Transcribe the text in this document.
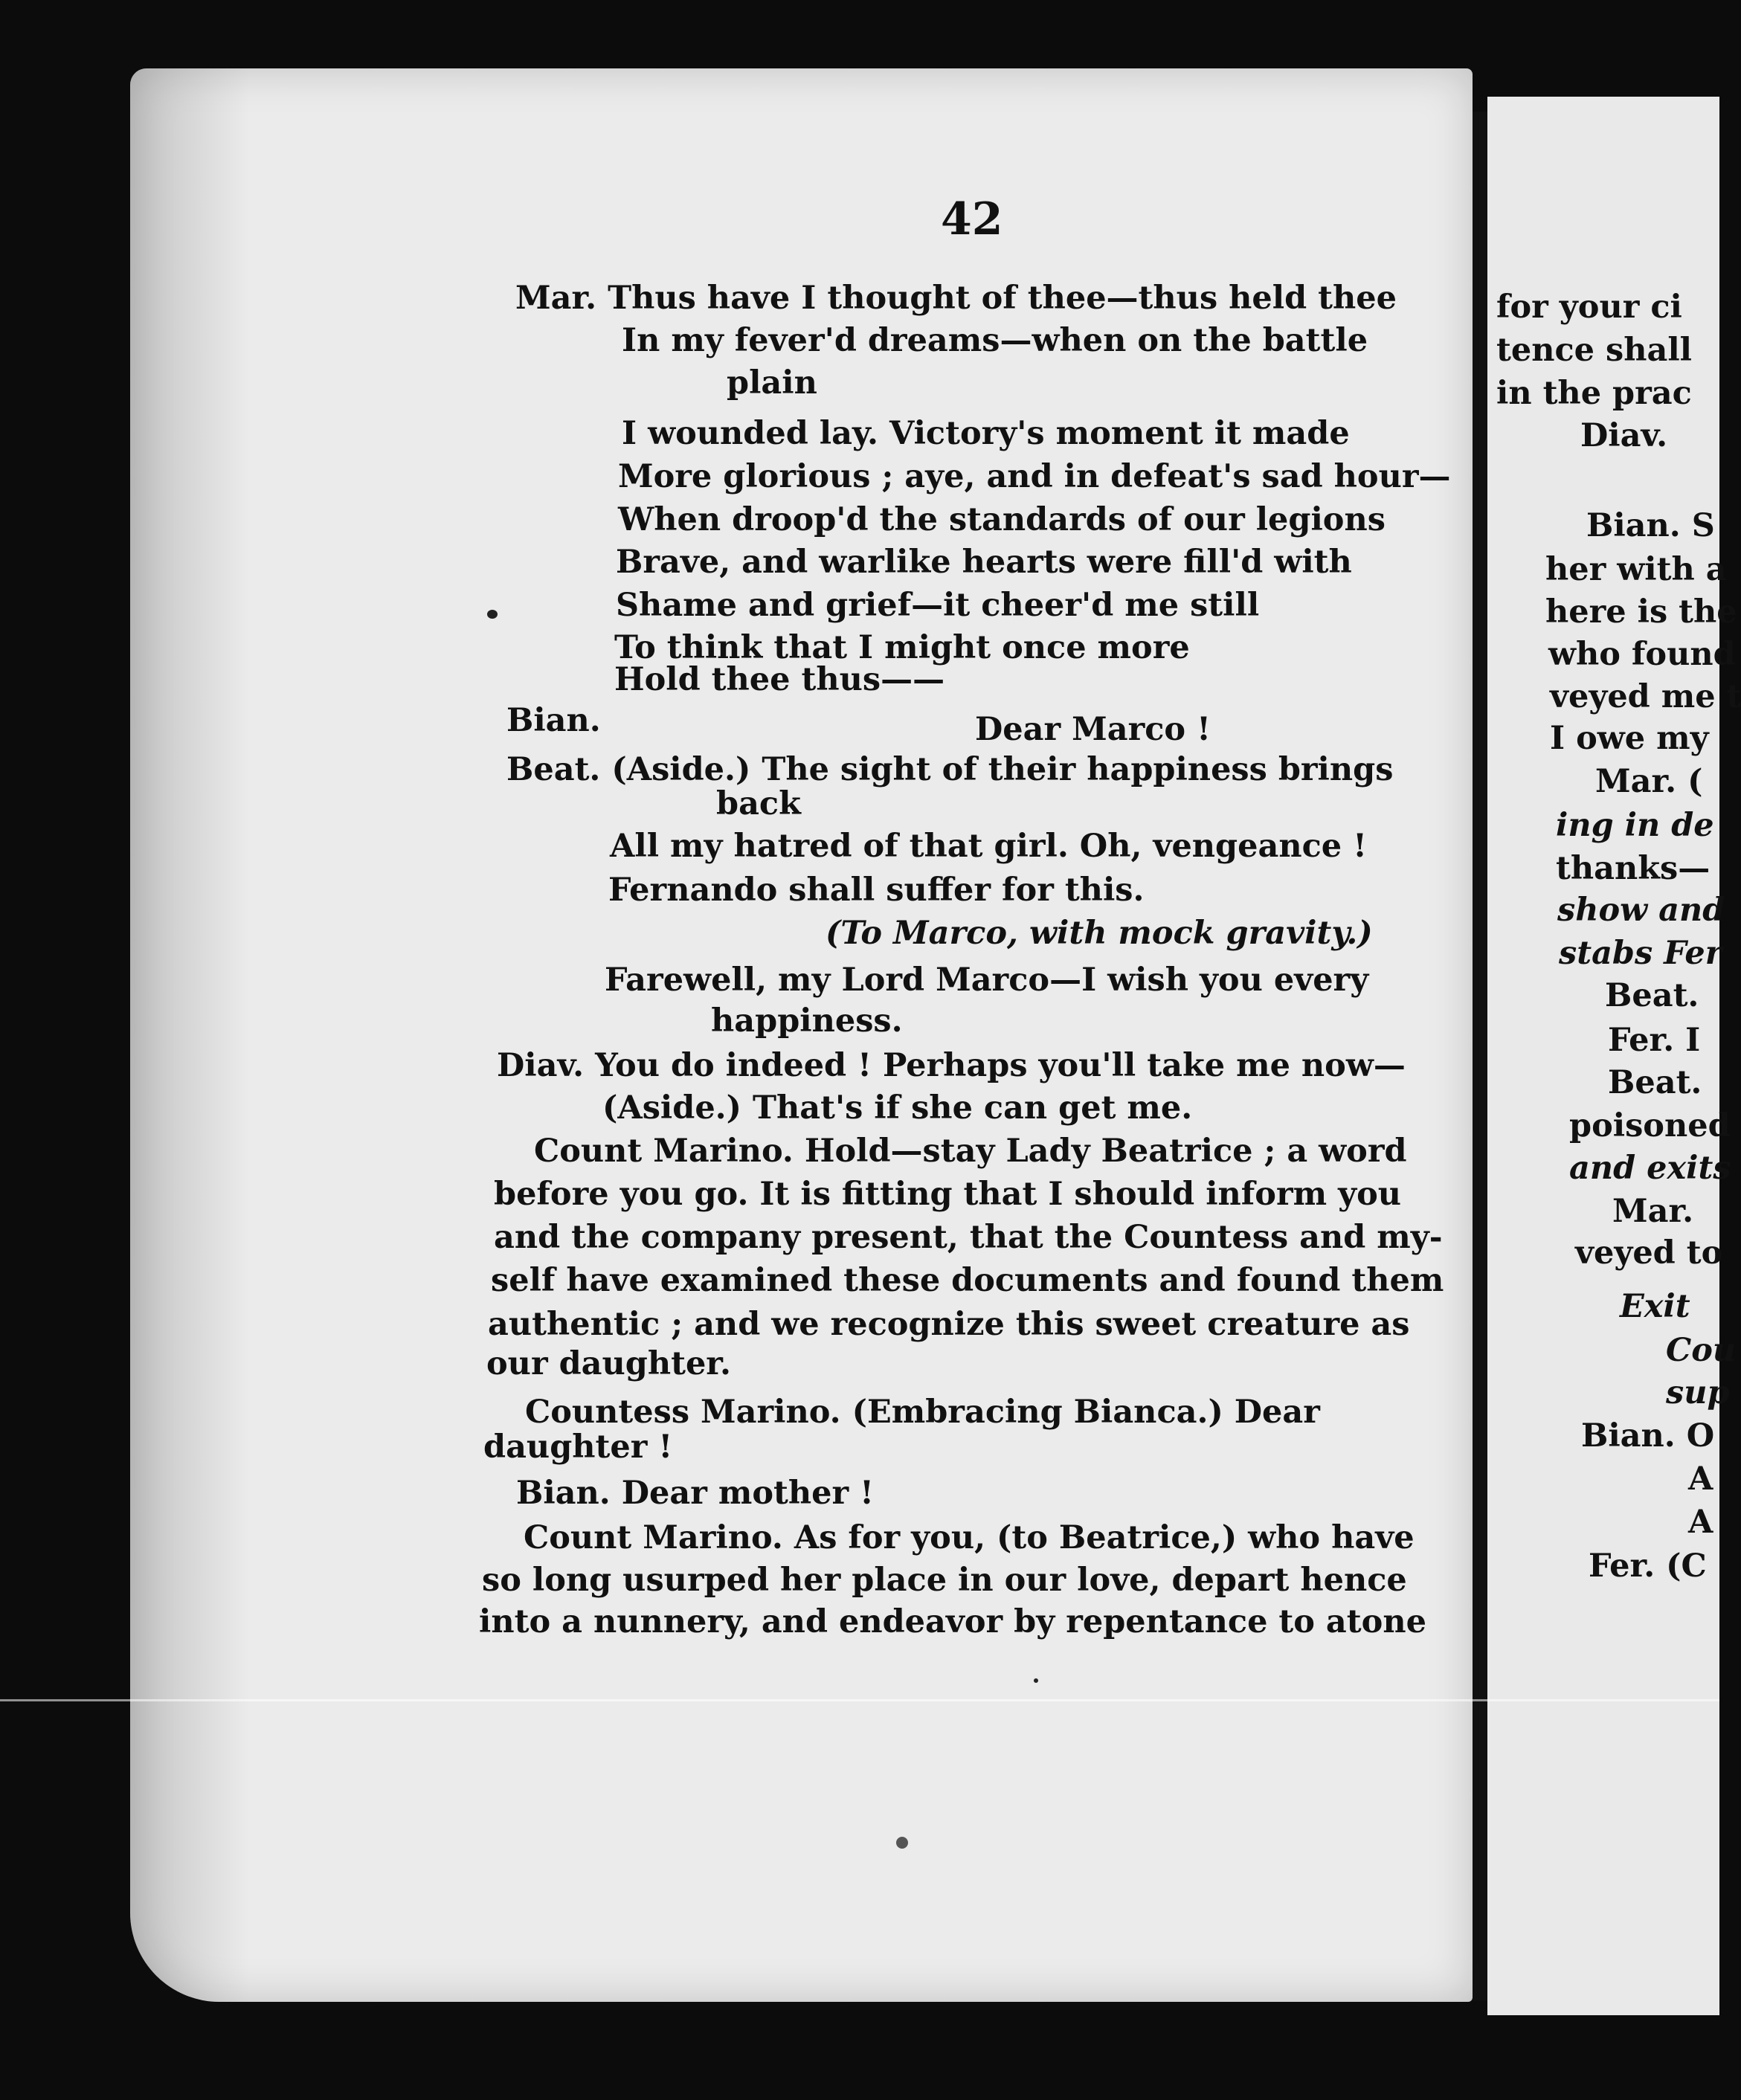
42
Mar. Thus have I thought of thee—thus held thee
In my fever'd dreams—when on the battle
plain
I wounded lay. Victory's moment it made
More glorious ; aye, and in defeat's sad hour—
When droop'd the standards of our legions
Brave, and warlike hearts were fill'd with
Shame and grief—it cheer'd me still
To think that I might once more
Hold thee thus——
Bian.	Dear Marco !
Beat. (Aside.) The sight of their happiness brings
back
All my hatred of that girl. Oh, vengeance !
Fernando shall suffer for this.
(To Marco, with mock gravity.)
Farewell, my Lord Marco—I wish you every
happiness.
Diav. You do indeed ! Perhaps you'll take me now—
(Aside.) That's if she can get me.
Count Marino. Hold—stay Lady Beatrice ; a word
before you go. It is fitting that I should inform you
and the company present, that the Countess and my-
self have examined these documents and found them
authentic ; and we recognize this sweet creature as
our daughter.
Countess Marino. (Embracing Bianca.) Dear
daughter !
Bian. Dear mother !
Count Marino. As for you, (to Beatrice,) who have
so long usurped her place in our love, depart hence
into a nunnery, and endeavor by repentance to atone
for your ci
tence shall
in the prac
Diav.
Bian. S
her with a
here is the
who found
veyed me t
I owe my
Mar. (
ing in de
thanks—
show and
stabs Fer
Beat.
Fer. I
Beat.
poisoned
and exits
Mar.
veyed to
Exit
Cou
sup
Bian. O
A
A
Fer. (C
